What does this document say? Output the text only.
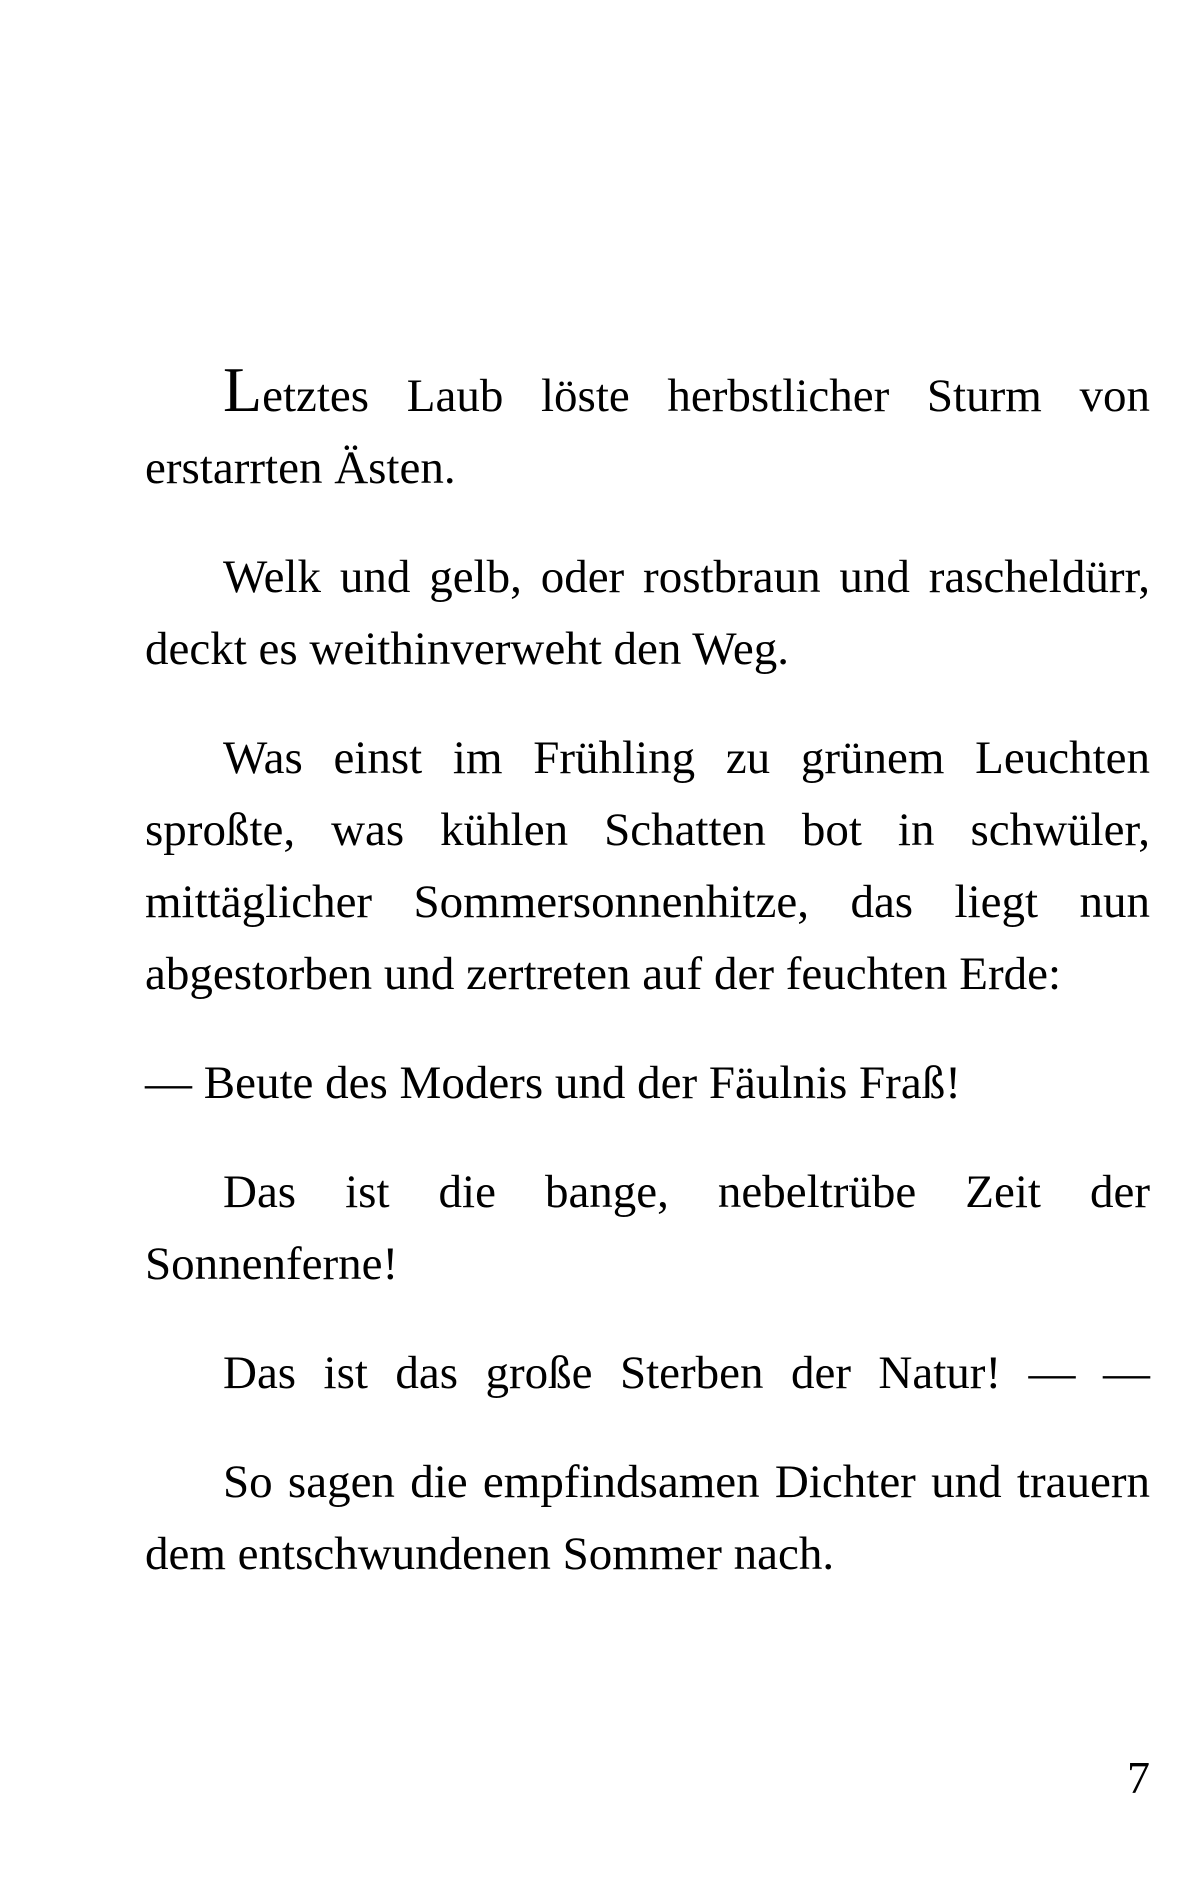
Letztes Laub löste herbstlicher Sturm von erstarrten Ästen.

Welk und gelb, oder rostbraun und rascheldürr, deckt es weithinverweht den Weg.

Was einst im Frühling zu grünem Leuchten sproßte, was kühlen Schatten bot in schwüler, mittäglicher Sommersonnenhitze, das liegt nun abgestorben und zertreten auf der feuchten Erde:

— Beute des Moders und der Fäulnis Fraß!

Das ist die bange, nebeltrübe Zeit der Sonnenferne!

Das ist das große Sterben der Natur! — —

So sagen die empfindsamen Dichter und trauern dem entschwundenen Sommer nach.

7
